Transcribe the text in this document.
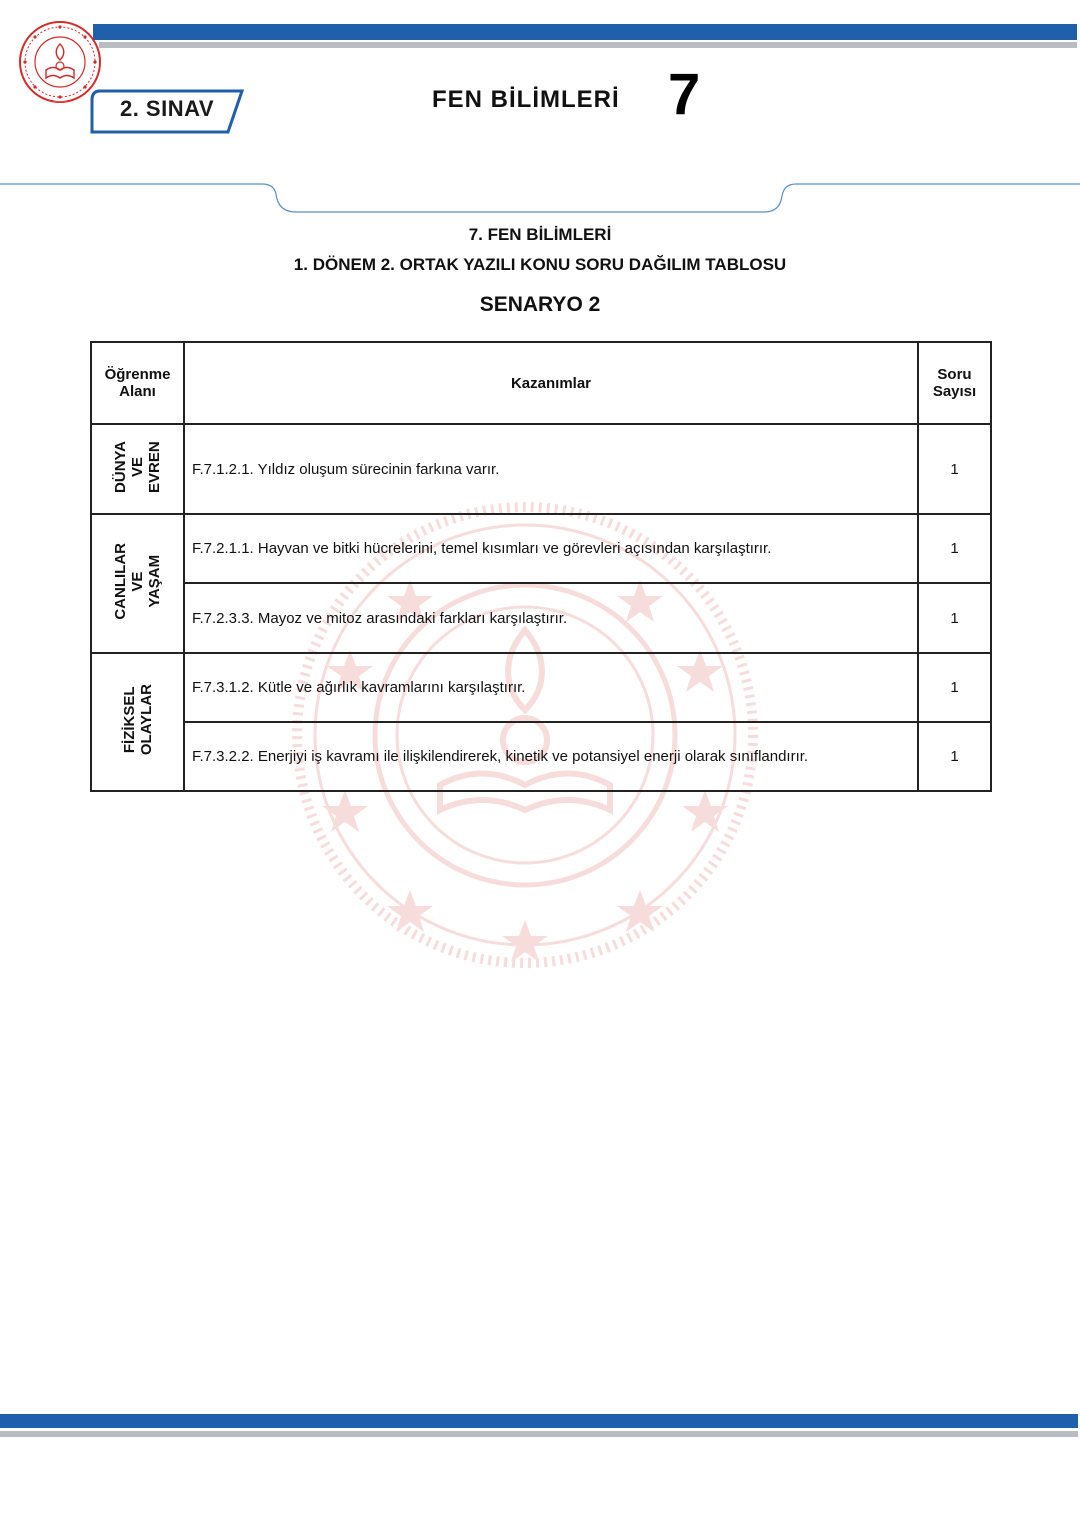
T.C. MİLLÎ EĞİTİM BAKANLIĞI	2. SINAV	FEN BİLİMLERİ 7
7. FEN BİLİMLERİ
1. DÖNEM 2. ORTAK YAZILI KONU SORU DAĞILIM TABLOSU
SENARYO 2
TÜRKİYE CUMHURİYETİ MİLLÎ EĞİTİM BAKANLIĞI
Öğrenme Alanı	Kazanımlar	Soru Sayısı
DÜNYA
VE
EVREN	F.7.1.2.1. Yıldız oluşum sürecinin farkına varır.	1
CANLILAR
VE
YAŞAM	F.7.2.1.1. Hayvan ve bitki hücrelerini, temel kısımları ve görevleri açısından karşılaştırır.	1
	F.7.2.3.3. Mayoz ve mitoz arasındaki farkları karşılaştırır.	1
FİZİKSEL
OLAYLAR	F.7.3.1.2. Kütle ve ağırlık kavramlarını karşılaştırır.	1
	F.7.3.2.2. Enerjiyi iş kavramı ile ilişkilendirerek, kinetik ve potansiyel enerji olarak sınıflandırır.	1
